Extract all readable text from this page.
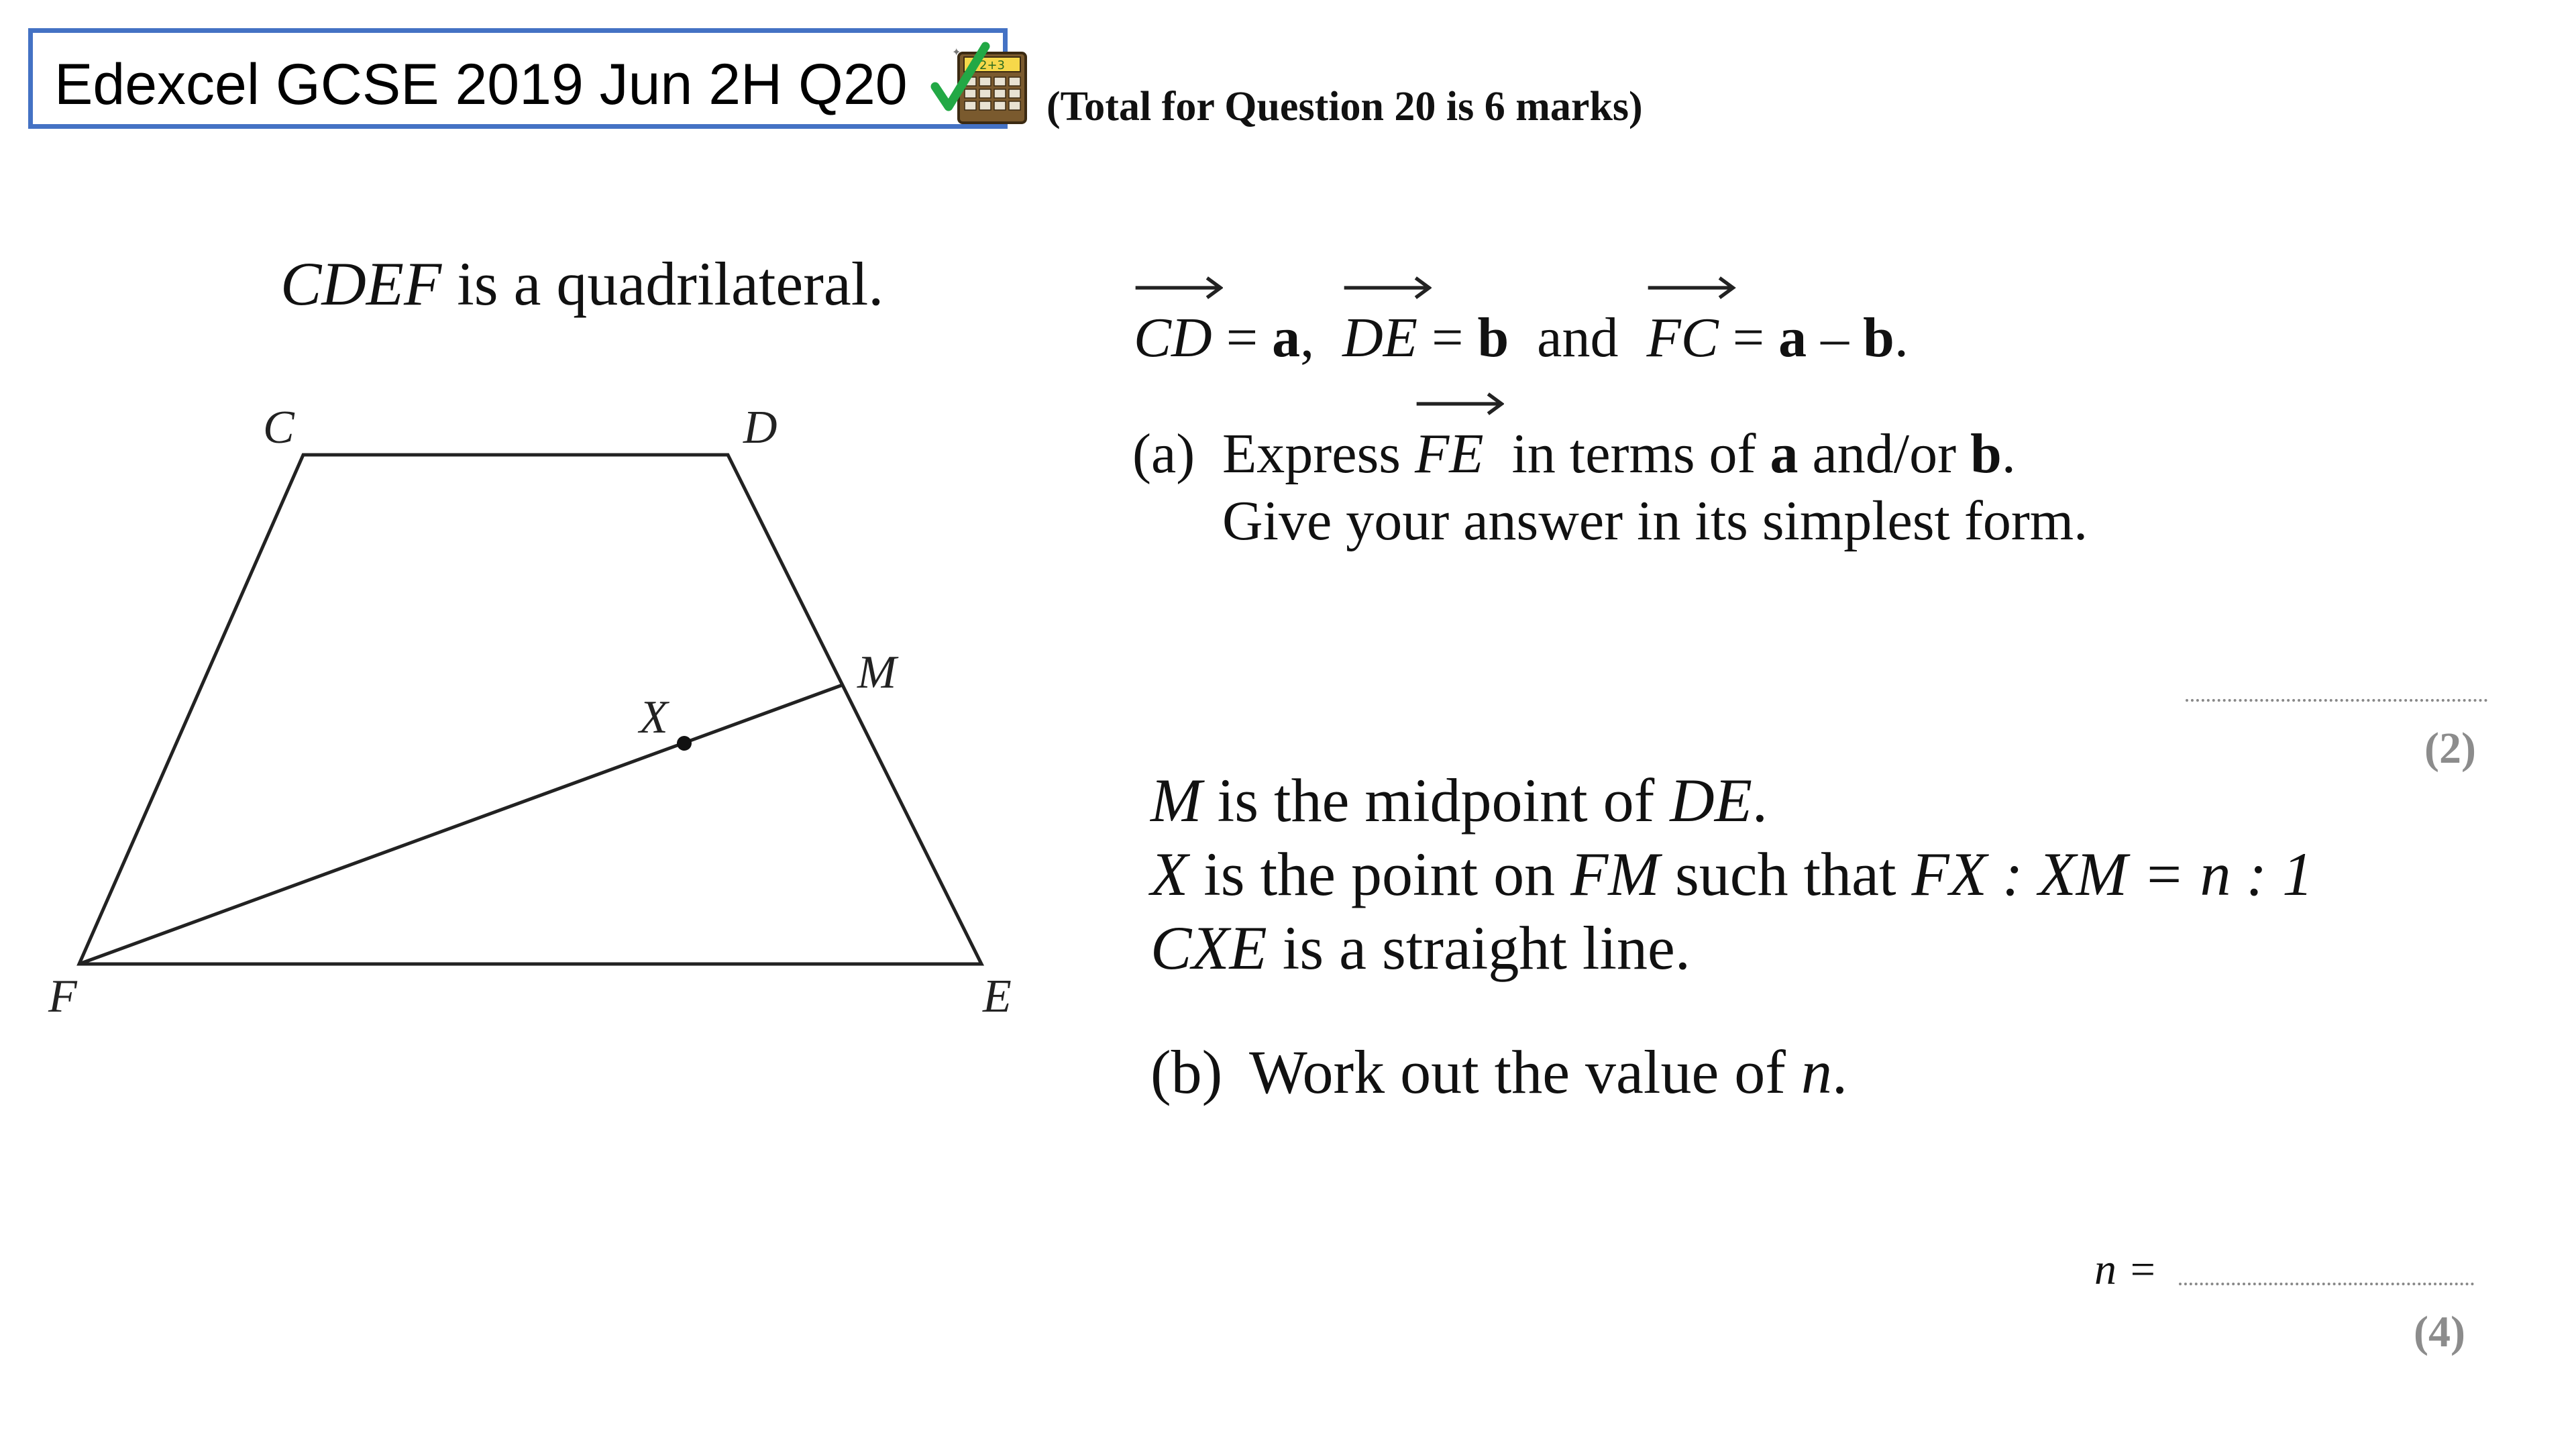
Edexcel GCSE 2019 Jun 2H Q20	2+3
✦
(Total for Question 20 is 6 marks)
CDEF is a quadrilateral.
C	D
M
X
F	E
CD = a,
DE = b and FC = a – b.
(a) Express FE in terms of a and/or b.
Give your answer in its simplest form.
(2)
M is the midpoint of DE.
X is the point on FM such that FX : XM = n : 1
CXE is a straight line.
(b) Work out the value of n.
n =
(4)
